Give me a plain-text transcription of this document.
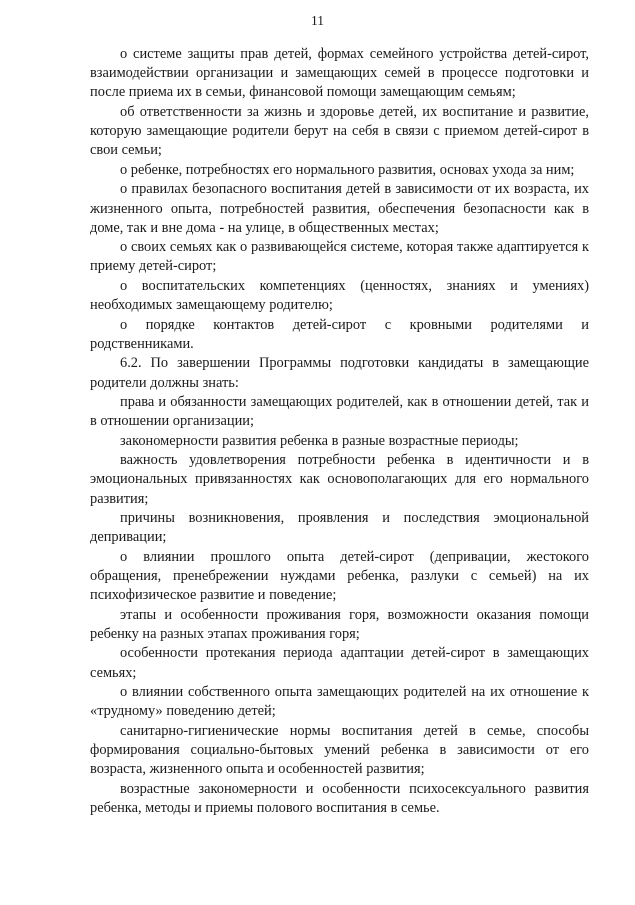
11

о системе защиты прав детей, формах семейного устройства детей-сирот, взаимодействии организации и замещающих семей в процессе подготовки и после приема их в семьи, финансовой помощи замещающим семьям;

об ответственности за жизнь и здоровье детей, их воспитание и развитие, которую замещающие родители берут на себя в связи с приемом детей-сирот в свои семьи;

о ребенке, потребностях его нормального развития, основах ухода за ним;

о правилах безопасного воспитания детей в зависимости от их возраста, их жизненного опыта, потребностей развития, обеспечения безопасности как в доме, так и вне дома - на улице, в общественных местах;

о своих семьях как о развивающейся системе, которая также адаптируется к приему детей-сирот;

о воспитательских компетенциях (ценностях, знаниях и умениях) необходимых замещающему родителю;

о порядке контактов детей-сирот с кровными родителями и родственниками.

6.2. По завершении Программы подготовки кандидаты в замещающие родители должны знать:

права и обязанности замещающих родителей, как в отношении детей, так и в отношении организации;

закономерности развития ребенка в разные возрастные периоды;

важность удовлетворения потребности ребенка в идентичности и в эмоциональных привязанностях как основополагающих для его нормального развития;

причины возникновения, проявления и последствия эмоциональной депривации;

о влиянии прошлого опыта детей-сирот (депривации, жестокого обращения, пренебрежении нуждами ребенка, разлуки с семьей) на их психофизическое развитие и поведение;

этапы и особенности проживания горя, возможности оказания помощи ребенку на разных этапах проживания горя;

особенности протекания периода адаптации детей-сирот в замещающих семьях;

о влиянии собственного опыта замещающих родителей на их отношение к «трудному» поведению детей;

санитарно-гигиенические нормы воспитания детей в семье, способы формирования социально-бытовых умений ребенка в зависимости от его возраста, жизненного опыта и особенностей развития;

возрастные закономерности и особенности психосексуального развития ребенка, методы и приемы полового воспитания в семье.
